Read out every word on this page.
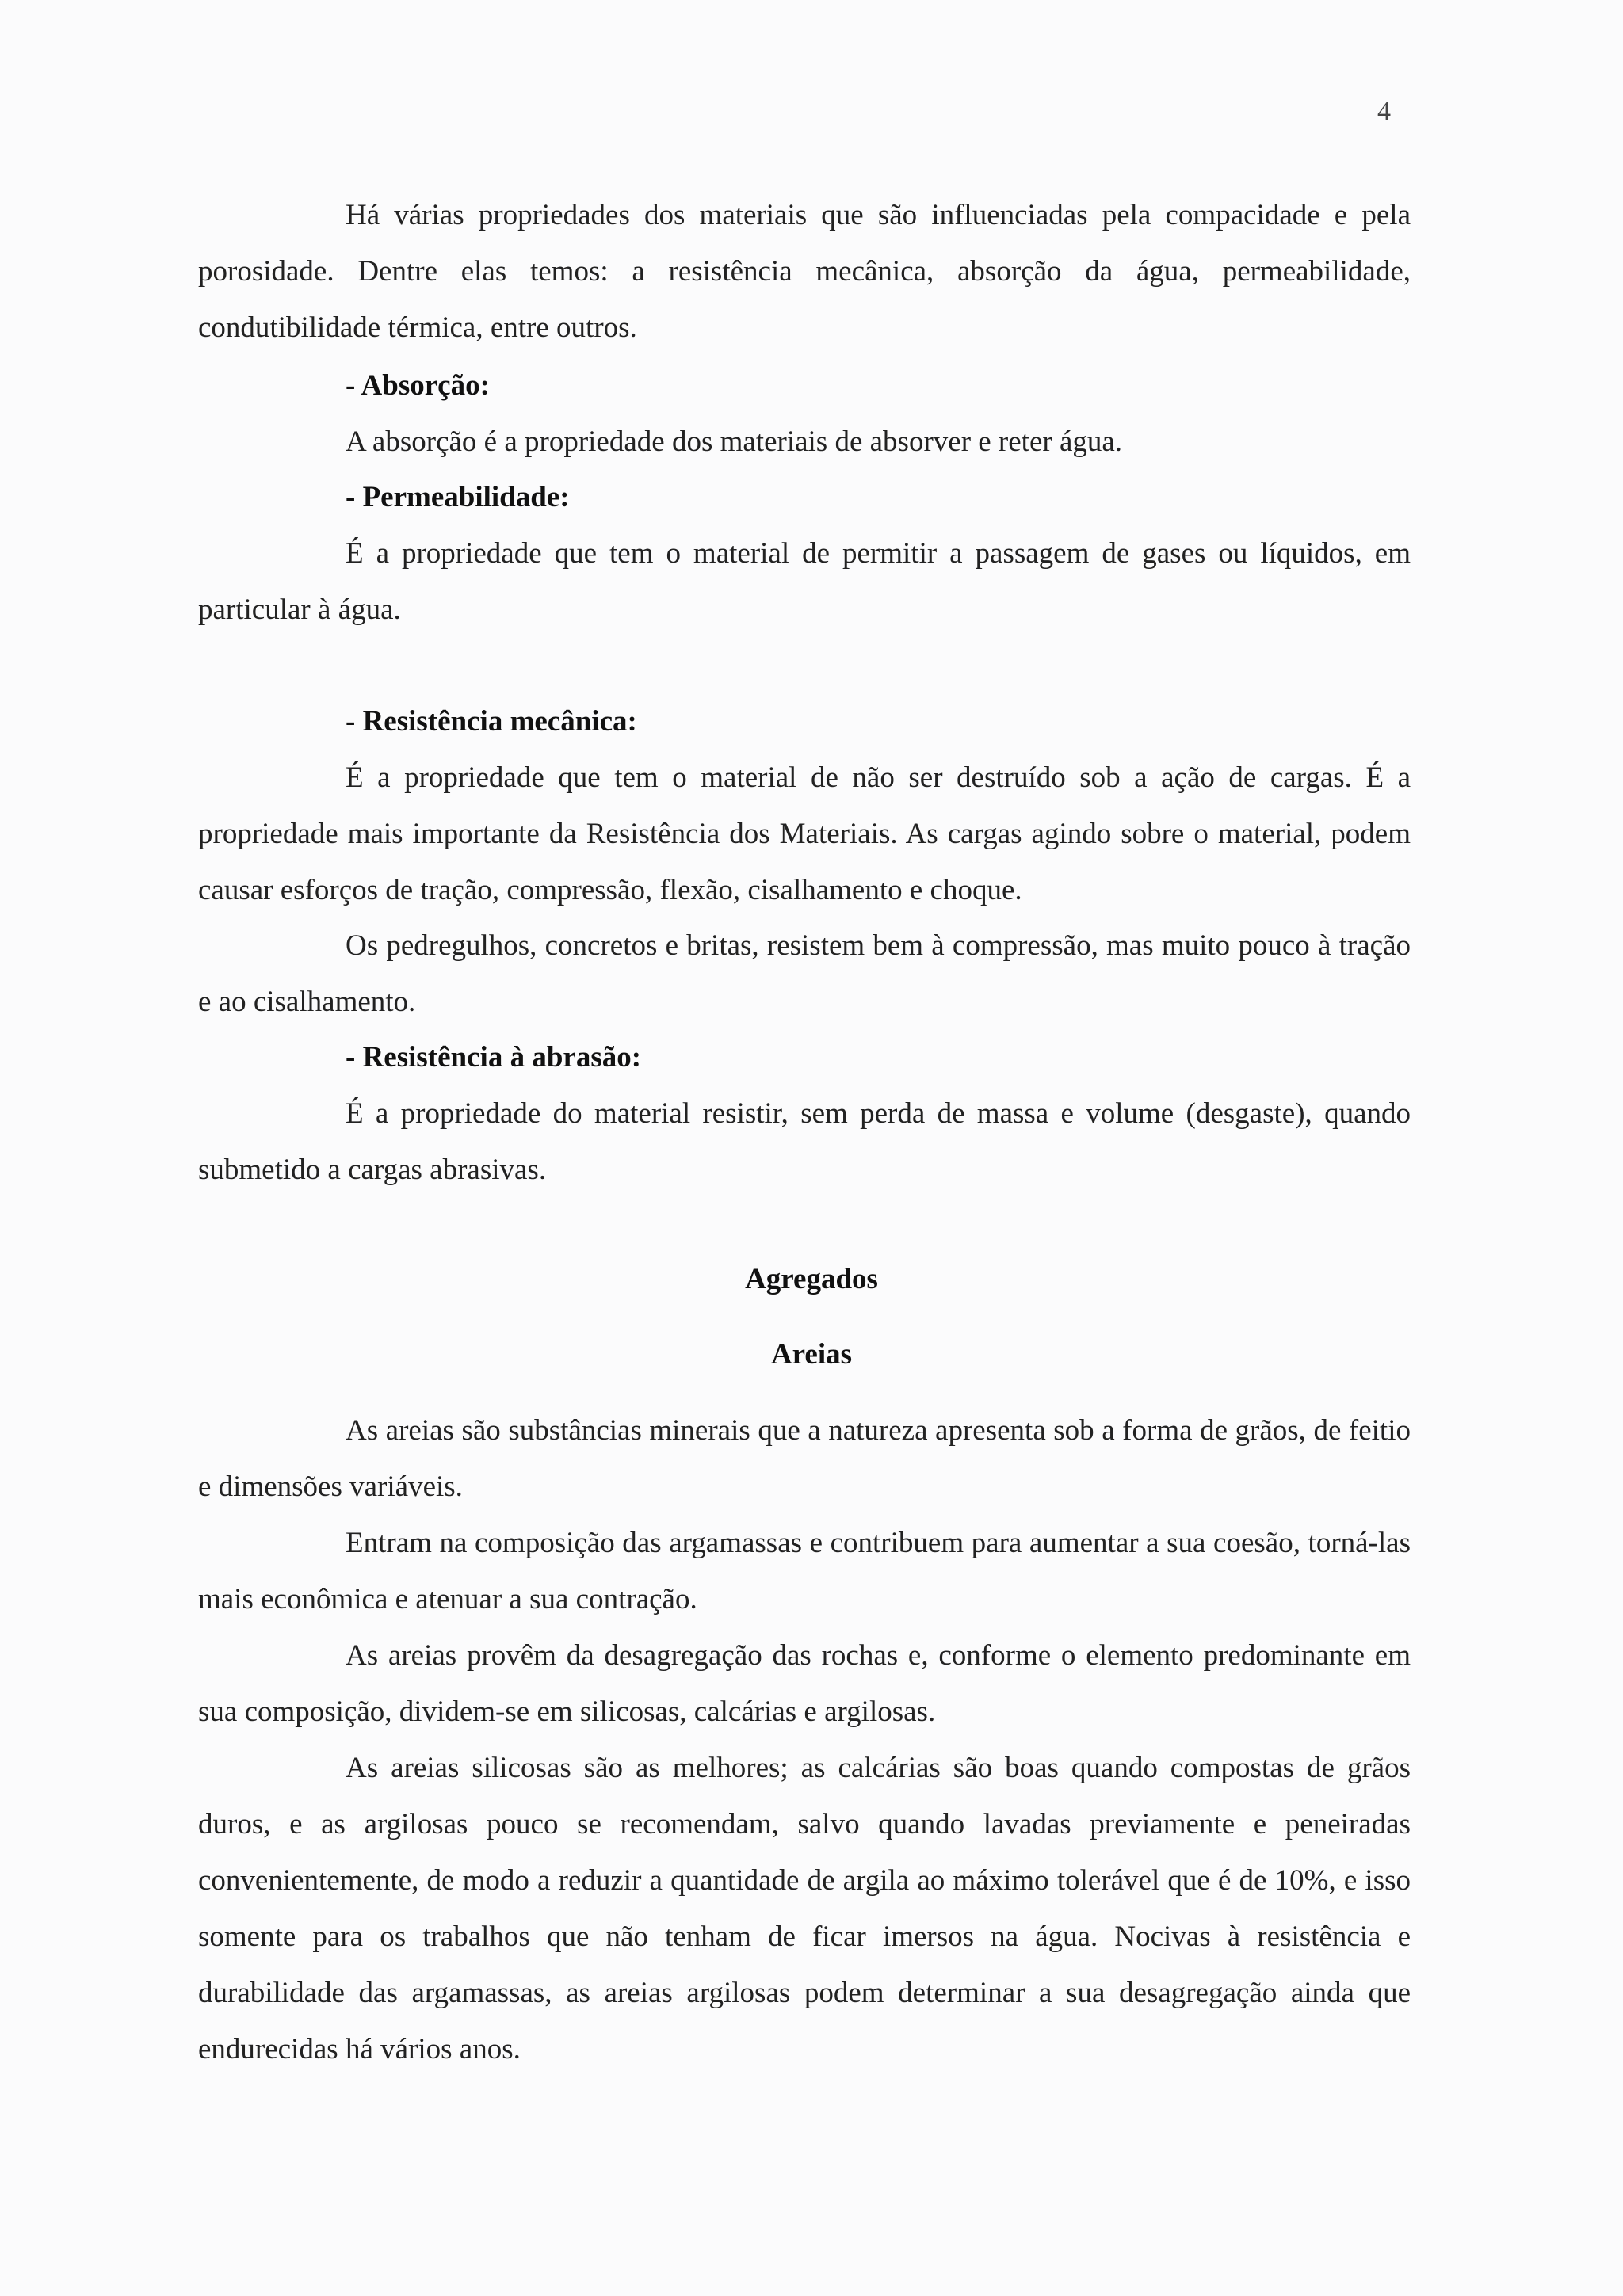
4

Há várias propriedades dos materiais que são influenciadas pela compacidade e pela porosidade. Dentre elas temos: a resistência mecânica, absorção da água, permeabilidade, condutibilidade térmica, entre outros.

- Absorção:

A absorção é a propriedade dos materiais de absorver e reter água.

- Permeabilidade:

É a propriedade que tem o material de permitir a passagem de gases ou líquidos, em particular à água.

- Resistência mecânica:

É a propriedade que tem o material de não ser destruído sob a ação de cargas. É a propriedade mais importante da Resistência dos Materiais. As cargas agindo sobre o material, podem causar esforços de tração, compressão, flexão, cisalhamento e choque.

Os pedregulhos, concretos e britas, resistem bem à compressão, mas muito pouco à tração e ao cisalhamento.

- Resistência à abrasão:

É a propriedade do material resistir, sem perda de massa e volume (desgaste), quando submetido a cargas abrasivas.

Agregados

Areias

As areias são substâncias minerais que a natureza apresenta sob a forma de grãos, de feitio e dimensões variáveis.

Entram na composição das argamassas e contribuem para aumentar a sua coesão, torná-las mais econômica e atenuar a sua contração.

As areias provêm da desagregação das rochas e, conforme o elemento predominante em sua composição, dividem-se em silicosas, calcárias e argilosas.

As areias silicosas são as melhores; as calcárias são boas quando compostas de grãos duros, e as argilosas pouco se recomendam, salvo quando lavadas previamente e peneiradas convenientemente, de modo a reduzir a quantidade de argila ao máximo tolerável que é de 10%, e isso somente para os trabalhos que não tenham de ficar imersos na água. Nocivas à resistência e durabilidade das argamassas, as areias argilosas podem determinar a sua desagregação ainda que endurecidas há vários anos.
